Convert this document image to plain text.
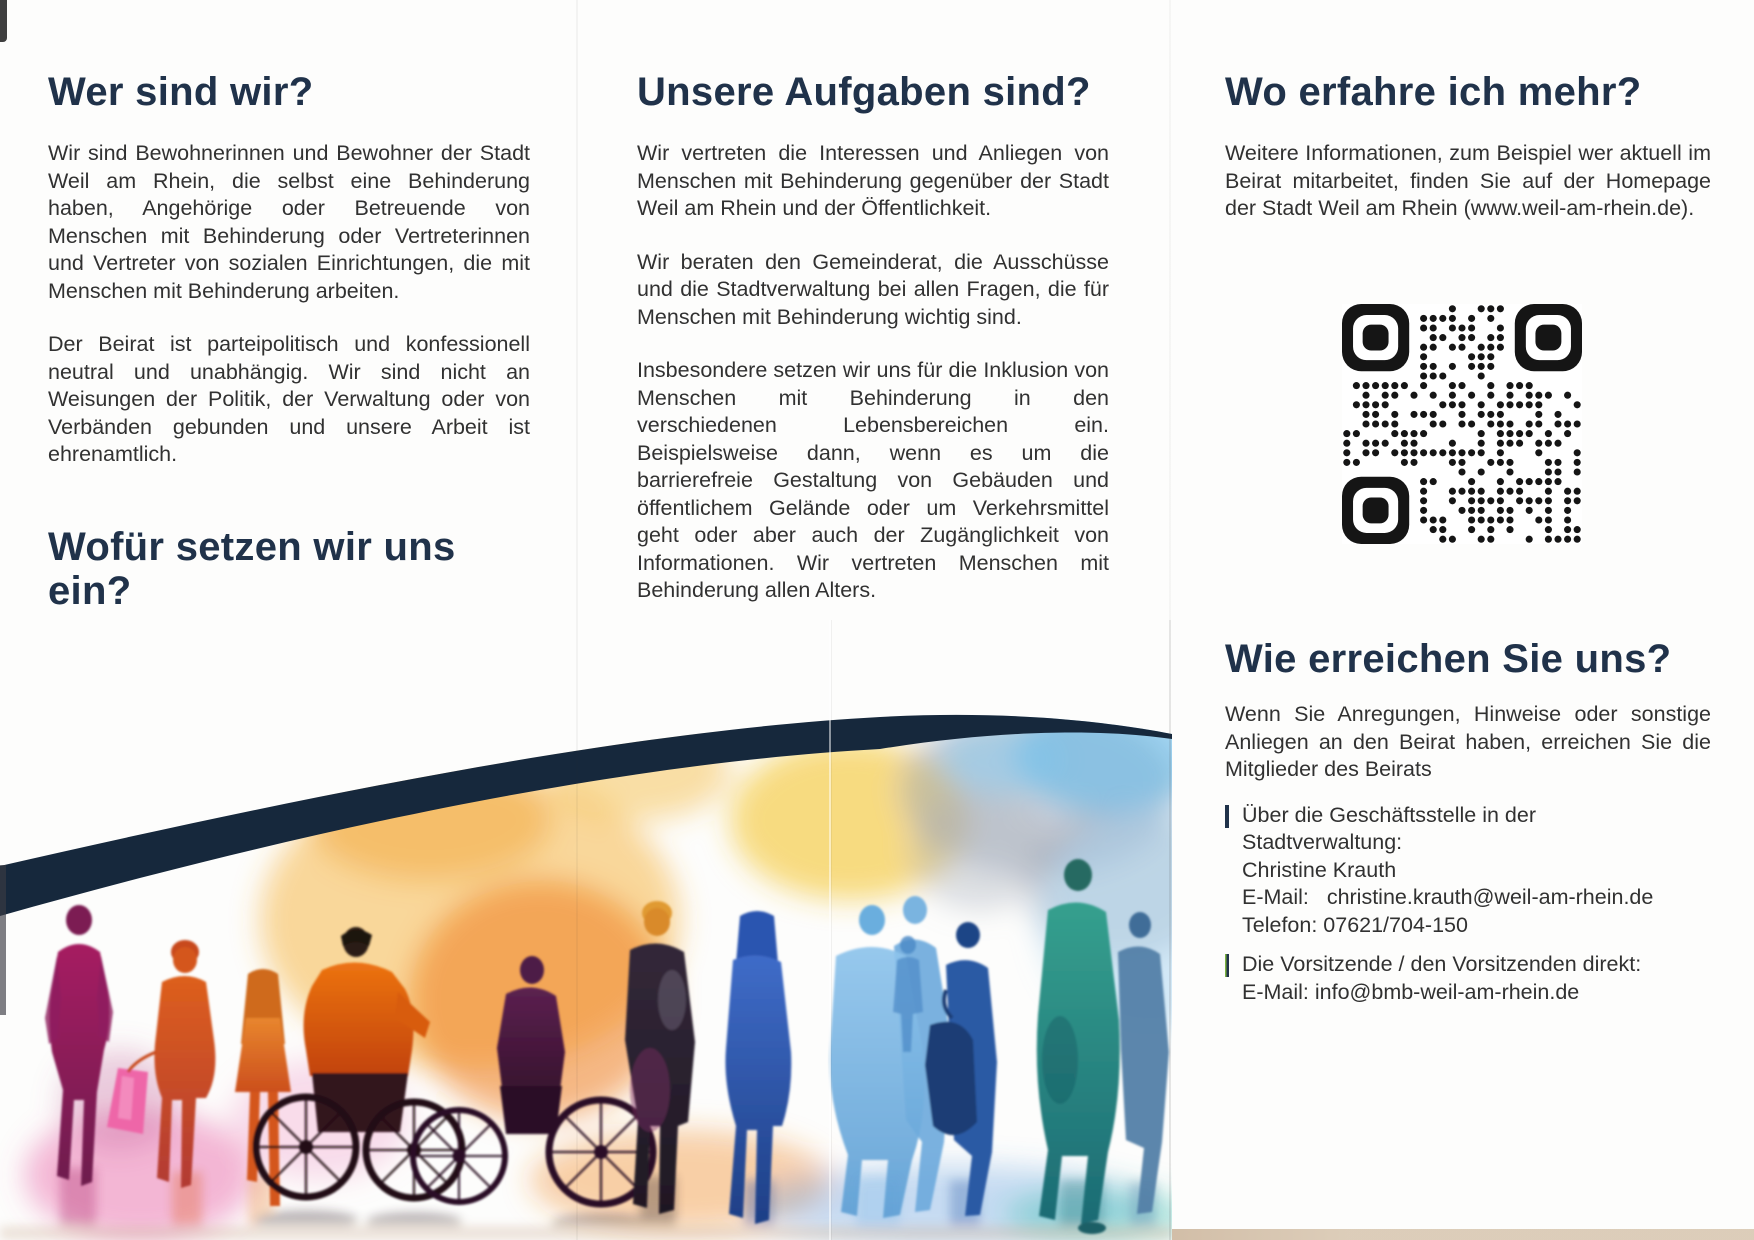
Wer sind wir?

Wir sind Bewohnerinnen und Bewohner der Stadt Weil am Rhein, die selbst eine Behinderung haben, Angehörige oder Betreuende von Menschen mit Behinderung oder Vertreterinnen und Vertreter von sozialen Einrichtungen, die mit Menschen mit Behinderung arbeiten.

Der Beirat ist parteipolitisch und konfessionell neutral und unabhängig. Wir sind nicht an Weisungen der Politik, der Verwaltung oder von Verbänden gebunden und unsere Arbeit ist ehrenamtlich.

Wofür setzen wir uns ein?

Unsere Aufgaben sind?

Wir vertreten die Interessen und Anliegen von Menschen mit Behinderung gegenüber der Stadt Weil am Rhein und der Öffentlichkeit.

Wir beraten den Gemeinderat, die Ausschüsse und die Stadtverwaltung bei allen Fragen, die für Menschen mit Behinderung wichtig sind.

Insbesondere setzen wir uns für die Inklusion von Menschen mit Behinderung in den verschiedenen Lebensbereichen ein. Beispielsweise dann, wenn es um die barrierefreie Gestaltung von Gebäuden und öffentlichem Gelände oder um Verkehrsmittel geht oder aber auch der Zugänglichkeit von Informationen. Wir vertreten Menschen mit Behinderung allen Alters.

Wo erfahre ich mehr?

Weitere Informationen, zum Beispiel wer aktuell im Beirat mitarbeitet, finden Sie auf der Homepage der Stadt Weil am Rhein (www.weil-am-rhein.de).

Wie erreichen Sie uns?

Wenn Sie Anregungen, Hinweise oder sonstige Anliegen an den Beirat haben, erreichen Sie die Mitglieder des Beirats

Über die Geschäftsstelle in der
Stadtverwaltung:
Christine Krauth
E-Mail:   christine.krauth@weil-am-rhein.de
Telefon: 07621/704-150
Die Vorsitzende / den Vorsitzenden direkt:
E-Mail: info@bmb-weil-am-rhein.de
